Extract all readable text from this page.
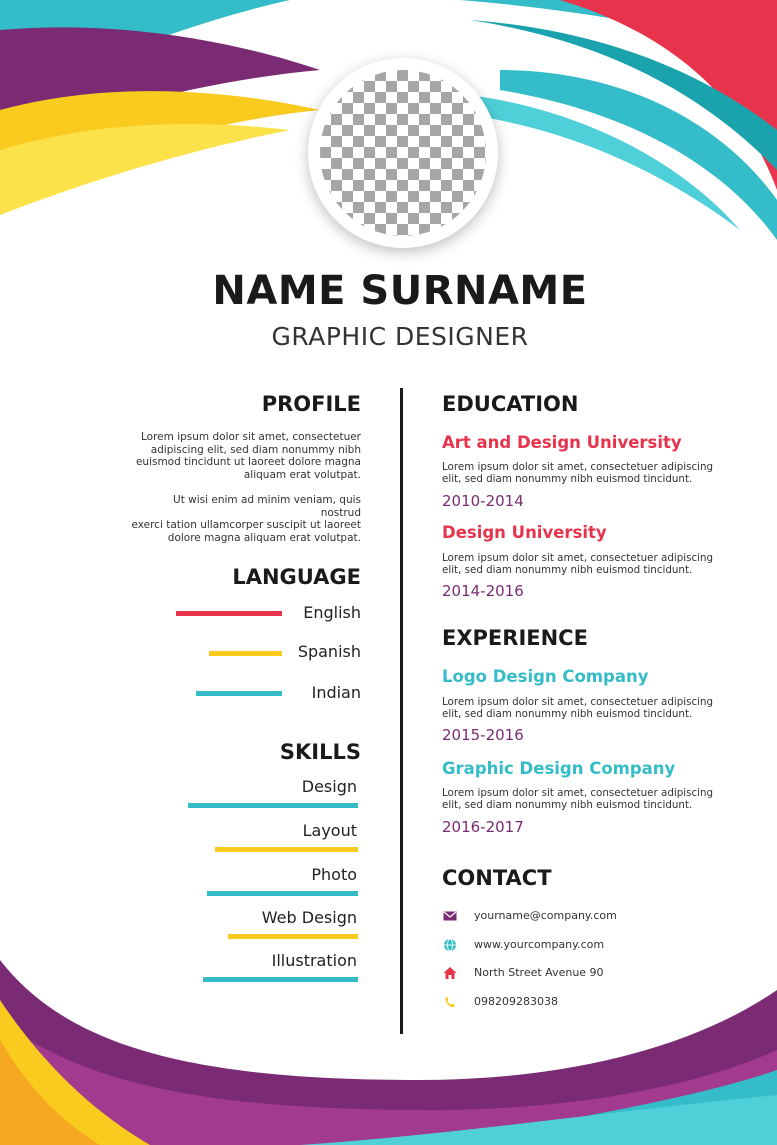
NAME SURNAME
GRAPHIC DESIGNER
PROFILE
Lorem ipsum dolor sit amet, consectetuer
adipiscing elit, sed diam nonummy nibh
euismod tincidunt ut laoreet dolore magna
aliquam erat volutpat.
Ut wisi enim ad minim veniam, quis nostrud
exerci tation ullamcorper suscipit ut laoreet
dolore magna aliquam erat volutpat.
LANGUAGE
English
Spanish
Indian
SKILLS
Design
Layout
Photo
Web Design
Illustration
EDUCATION
Art and Design University
Lorem ipsum dolor sit amet, consectetuer adipiscing
elit, sed diam nonummy nibh euismod tincidunt.
2010-2014
Design University
Lorem ipsum dolor sit amet, consectetuer adipiscing
elit, sed diam nonummy nibh euismod tincidunt.
2014-2016
EXPERIENCE
Logo Design Company
Lorem ipsum dolor sit amet, consectetuer adipiscing
elit, sed diam nonummy nibh euismod tincidunt.
2015-2016
Graphic Design Company
Lorem ipsum dolor sit amet, consectetuer adipiscing
elit, sed diam nonummy nibh euismod tincidunt.
2016-2017
CONTACT
yourname@company.com
www.yourcompany.com
North Street Avenue 90
098209283038
